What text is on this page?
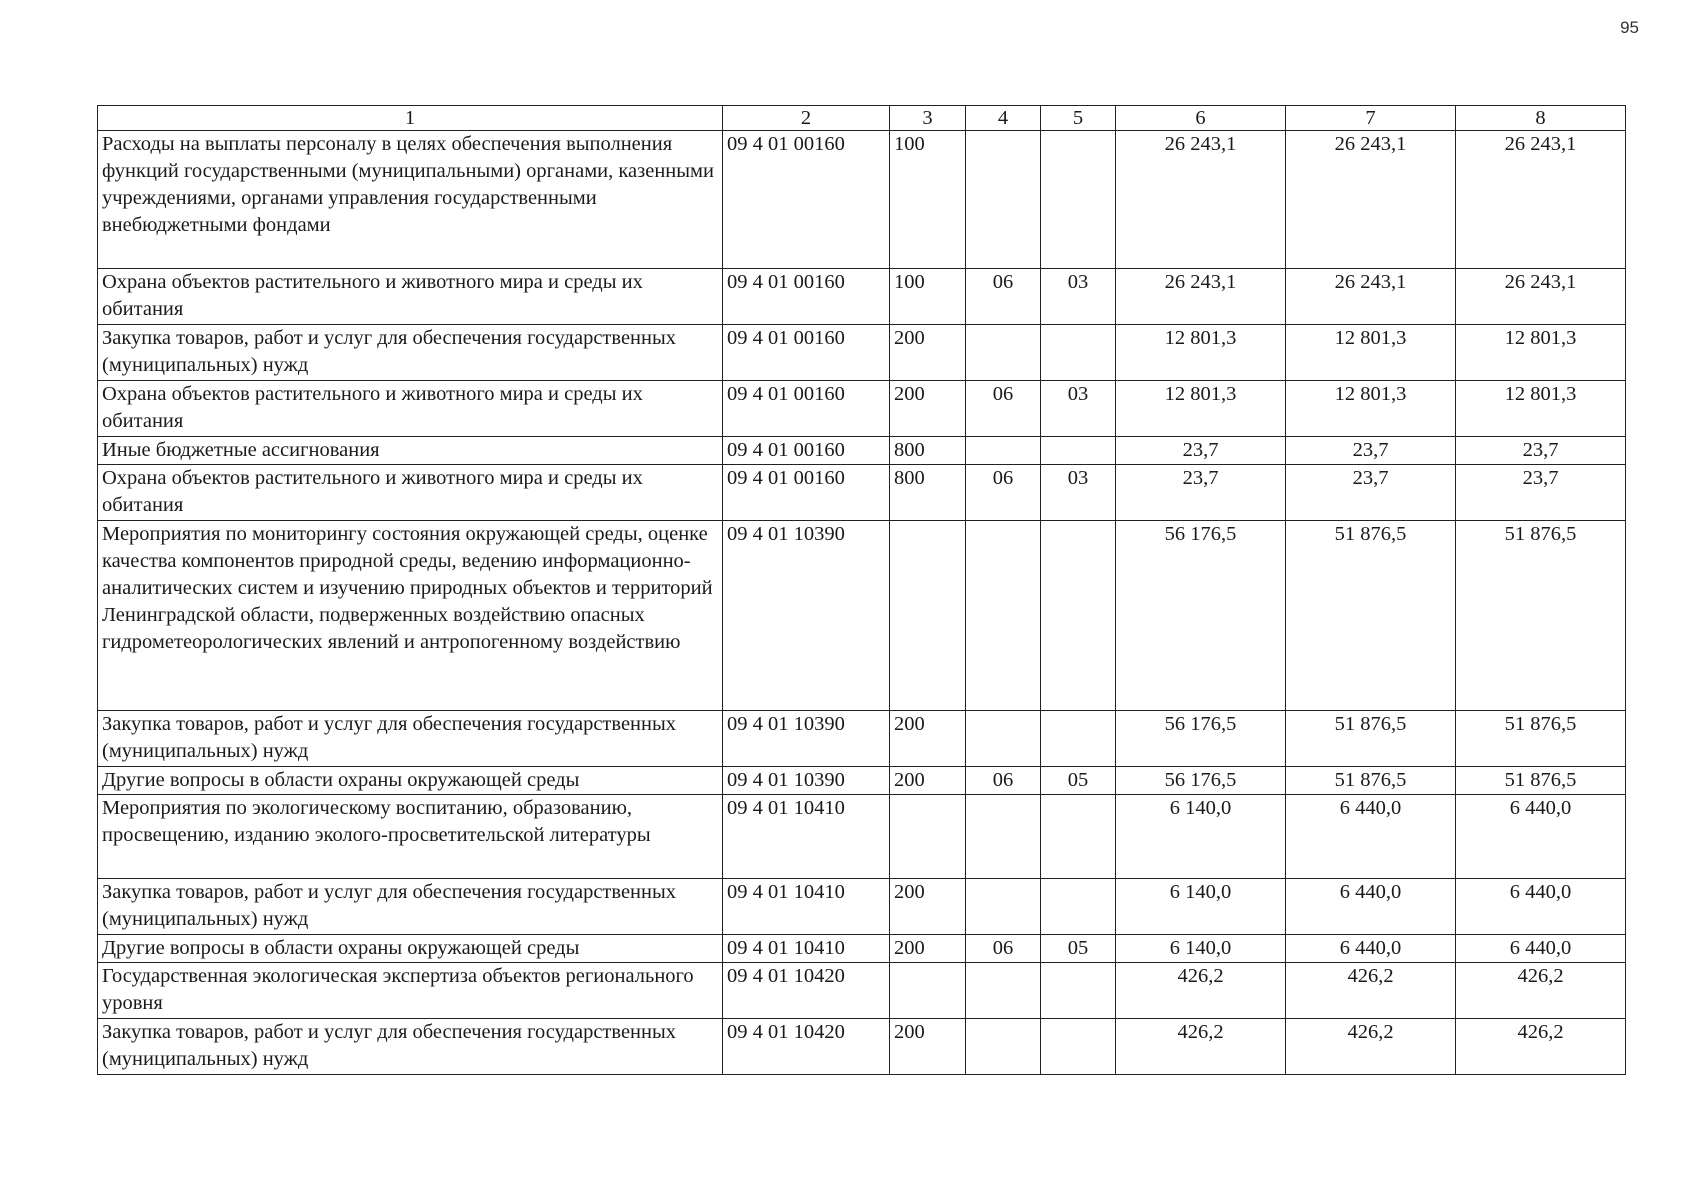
95
1	2	3	4	5	6	7	8
Расходы на выплаты персоналу в целях обеспечения выполнения функций государственными (муниципальными) органами, казенными учреждениями, органами управления государственными внебюджетными фондами	09 4 01 00160	100			26 243,1	26 243,1	26 243,1
Охрана объектов растительного и животного мира и среды их обитания	09 4 01 00160	100	06	03	26 243,1	26 243,1	26 243,1
Закупка товаров, работ и услуг для обеспечения государственных (муниципальных) нужд	09 4 01 00160	200			12 801,3	12 801,3	12 801,3
Охрана объектов растительного и животного мира и среды их обитания	09 4 01 00160	200	06	03	12 801,3	12 801,3	12 801,3
Иные бюджетные ассигнования	09 4 01 00160	800			23,7	23,7	23,7
Охрана объектов растительного и животного мира и среды их обитания	09 4 01 00160	800	06	03	23,7	23,7	23,7
Мероприятия по мониторингу состояния окружающей среды, оценке качества компонентов природной среды, ведению информационно-аналитических систем и изучению природных объектов и территорий Ленинградской области, подверженных воздействию опасных гидрометеорологических явлений и антропогенному воздействию	09 4 01 10390				56 176,5	51 876,5	51 876,5
Закупка товаров, работ и услуг для обеспечения государственных (муниципальных) нужд	09 4 01 10390	200			56 176,5	51 876,5	51 876,5
Другие вопросы в области охраны окружающей среды	09 4 01 10390	200	06	05	56 176,5	51 876,5	51 876,5
Мероприятия по экологическому воспитанию, образованию, просвещению, изданию эколого-просветительской литературы	09 4 01 10410				6 140,0	6 440,0	6 440,0
Закупка товаров, работ и услуг для обеспечения государственных (муниципальных) нужд	09 4 01 10410	200			6 140,0	6 440,0	6 440,0
Другие вопросы в области охраны окружающей среды	09 4 01 10410	200	06	05	6 140,0	6 440,0	6 440,0
Государственная экологическая экспертиза объектов регионального уровня	09 4 01 10420				426,2	426,2	426,2
Закупка товаров, работ и услуг для обеспечения государственных (муниципальных) нужд	09 4 01 10420	200			426,2	426,2	426,2
